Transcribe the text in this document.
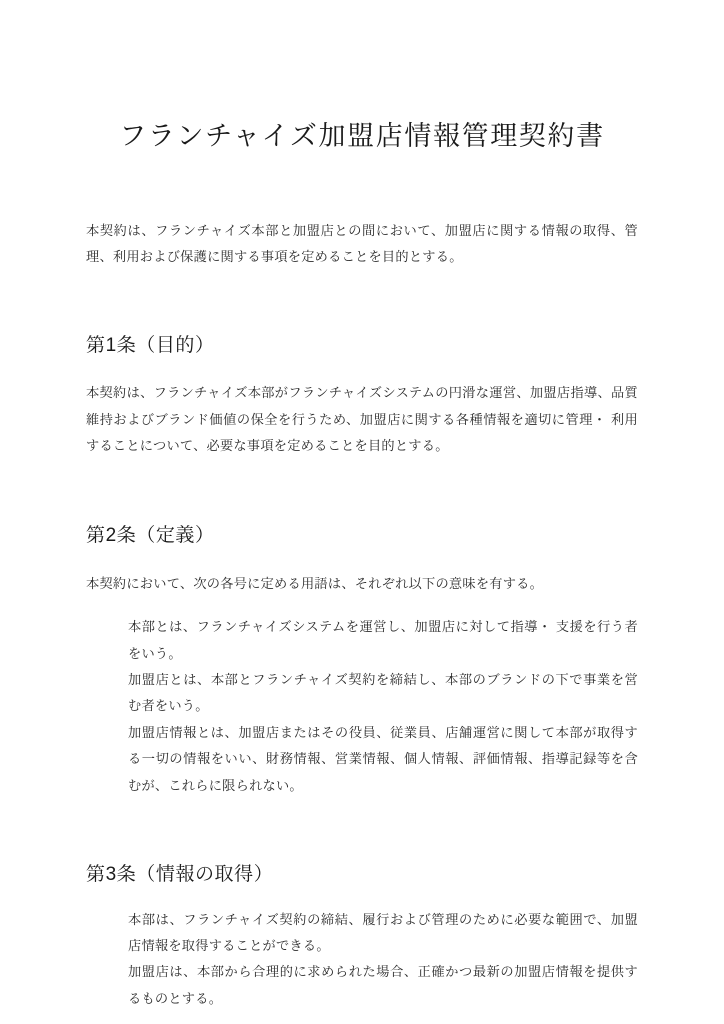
フランチャイズ加盟店情報管理契約書

本契約は、フランチャイズ本部と加盟店との間において、加盟店に関する情報の取得、管理、利用および保護に関する事項を定めることを目的とする。

第1条（目的）

本契約は、フランチャイズ本部がフランチャイズシステムの円滑な運営、加盟店指導、品質維持およびブランド価値の保全を行うため、加盟店に関する各種情報を適切に管理・ 利用することについて、必要な事項を定めることを目的とする。

第2条（定義）

本契約において、次の各号に定める用語は、それぞれ以下の意味を有する。

本部とは、フランチャイズシステムを運営し、加盟店に対して指導・ 支援を行う者をいう。

加盟店とは、本部とフランチャイズ契約を締結し、本部のブランドの下で事業を営む者をいう。

加盟店情報とは、加盟店またはその役員、従業員、店舗運営に関して本部が取得する一切の情報をいい、財務情報、営業情報、個人情報、評価情報、指導記録等を含むが、これらに限られない。

第3条（情報の取得）

本部は、フランチャイズ契約の締結、履行および管理のために必要な範囲で、加盟店情報を取得することができる。

加盟店は、本部から合理的に求められた場合、正確かつ最新の加盟店情報を提供するものとする。
